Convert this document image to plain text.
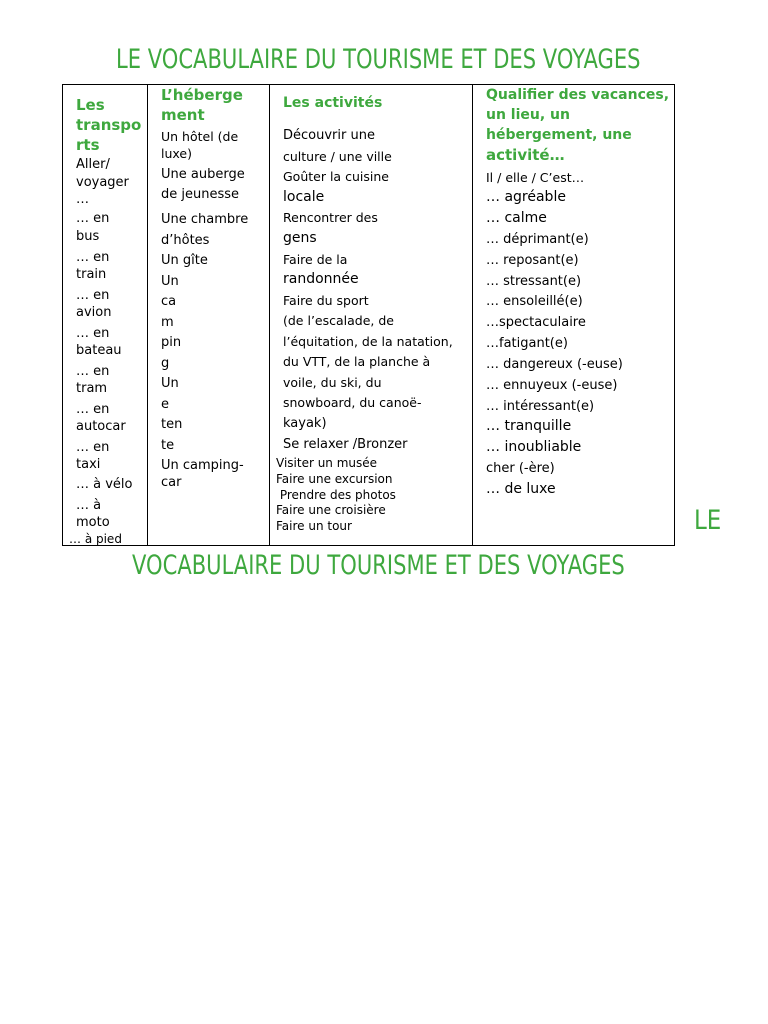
LE VOCABULAIRE DU TOURISME ET DES VOYAGES
LE
VOCABULAIRE DU TOURISME ET DES VOYAGES
Les
transpo
rts
Aller/
voyager
…
… en
bus
… en
train
… en
avion
… en
bateau
… en
tram
… en
autocar
… en
taxi
… à vélo
… à
moto
… à pied
L’héberge
ment
Un hôtel (de
luxe)
Une auberge
de jeunesse
Une chambre
d’hôtes
Un gîte
Un
ca
m
pin
g
Un
e
ten
te
Un camping-
car
Les activités
Découvrir une
culture / une ville
Goûter la cuisine
locale
Rencontrer des
gens
Faire de la
randonnée
Faire du sport
(de l’escalade, de
l’équitation, de la natation,
du VTT, de la planche à
voile, du ski, du
snowboard, du canoë-
kayak)
Se relaxer /Bronzer
Visiter un musée
Faire une excursion
Prendre des photos
Faire une croisière
Faire un tour
Qualifier des vacances,
un lieu, un
hébergement, une
activité…
Il / elle / C’est…
… agréable
… calme
… déprimant(e)
… reposant(e)
… stressant(e)
… ensoleillé(e)
…spectaculaire
…fatigant(e)
… dangereux (-euse)
… ennuyeux (-euse)
… intéressant(e)
… tranquille
… inoubliable
cher (-ère)
… de luxe
